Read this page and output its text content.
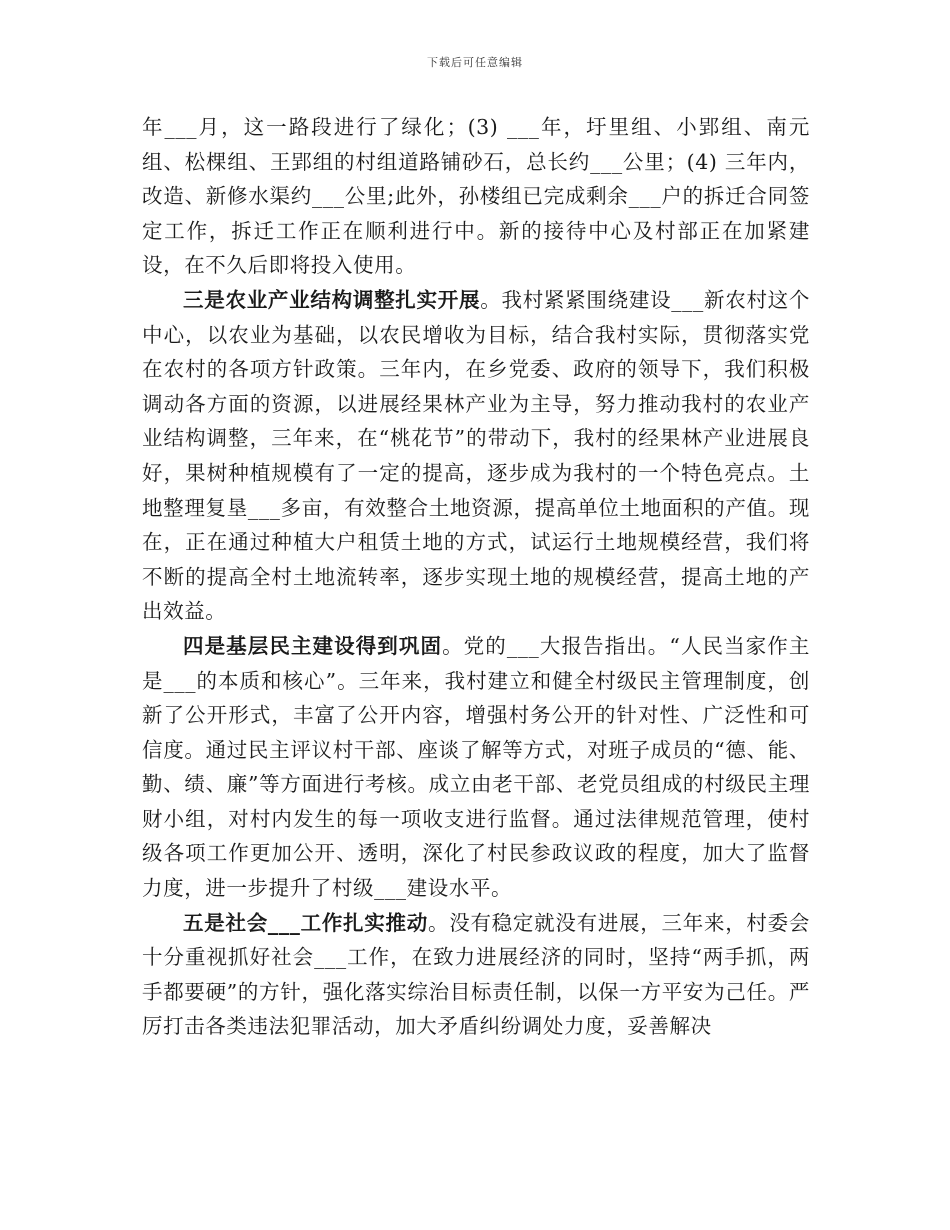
下载后可任意编辑

年___月，这一路段进行了绿化；(3) ___年，圩里组、小郢组、南元组、松棵组、王郢组的村组道路铺砂石，总长约___公里；(4) 三年内，改造、新修水渠约___公里;此外，孙楼组已完成剩余___户的拆迁合同签定工作，拆迁工作正在顺利进行中。新的接待中心及村部正在加紧建设，在不久后即将投入使用。

三是农业产业结构调整扎实开展。我村紧紧围绕建设___新农村这个中心，以农业为基础，以农民增收为目标，结合我村实际，贯彻落实党在农村的各项方针政策。三年内，在乡党委、政府的领导下，我们积极调动各方面的资源，以进展经果林产业为主导，努力推动我村的农业产业结构调整，三年来，在“桃花节”的带动下，我村的经果林产业进展良好，果树种植规模有了一定的提高，逐步成为我村的一个特色亮点。土地整理复垦___多亩，有效整合土地资源，提高单位土地面积的产值。现在，正在通过种植大户租赁土地的方式，试运行土地规模经营，我们将不断的提高全村土地流转率，逐步实现土地的规模经营，提高土地的产出效益。

四是基层民主建设得到巩固。党的___大报告指出。“人民当家作主是___的本质和核心”。三年来，我村建立和健全村级民主管理制度，创新了公开形式，丰富了公开内容，增强村务公开的针对性、广泛性和可信度。通过民主评议村干部、座谈了解等方式，对班子成员的“德、能、勤、绩、廉”等方面进行考核。成立由老干部、老党员组成的村级民主理财小组，对村内发生的每一项收支进行监督。通过法律规范管理，使村级各项工作更加公开、透明，深化了村民参政议政的程度，加大了监督力度，进一步提升了村级___建设水平。

五是社会___工作扎实推动。没有稳定就没有进展，三年来，村委会十分重视抓好社会___工作，在致力进展经济的同时，坚持“两手抓，两手都要硬”的方针，强化落实综治目标责任制，以保一方平安为己任。严厉打击各类违法犯罪活动，加大矛盾纠纷调处力度，妥善解决
